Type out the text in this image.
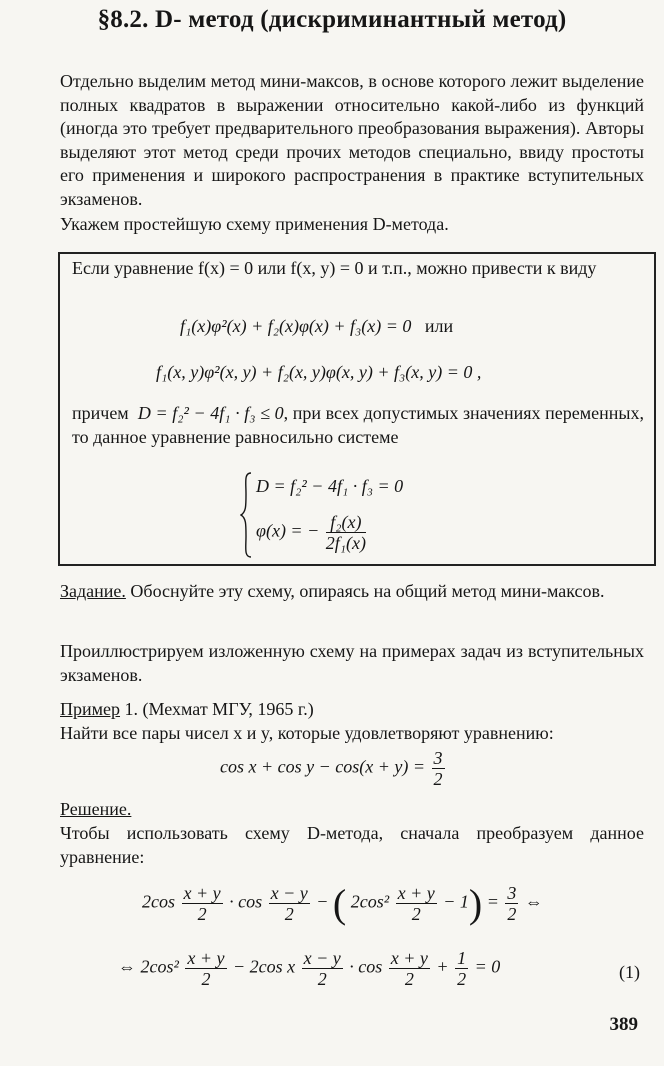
§8.2. D- метод (дискриминантный метод)
Отдельно выделим метод мини-максов, в основе которого лежит выделение полных квадратов в выражении относительно какой-либо из функций (иногда это требует предварительного преобразования выражения). Авторы выделяют этот метод среди прочих методов специально, ввиду простоты его применения и широкого распространения в практике вступительных экзаменов.
Укажем простейшую схему применения D-метода.
Если уравнение f(x) = 0 или f(x, y) = 0 и т.п., можно привести к виду
f₁(x)φ²(x) + f₂(x)φ(x) + f₃(x) = 0 или
f₁(x, y)φ²(x, y) + f₂(x, y)φ(x, y) + f₃(x, y) = 0 ,
причем D = f₂² − 4f₁ · f₃ ≤ 0, при всех допустимых значениях переменных, то данное уравнение равносильно системе
D = f₂² − 4f₁ · f₃ = 0
φ(x) = − $\frac{\text{f₂(x)}}{\text{2f₁(x)}}$
Задание. Обоснуйте эту схему, опираясь на общий метод мини-максов.
Проиллюстрируем изложенную схему на примерах задач из вступительных экзаменов.
Пример 1. (Мехмат МГУ, 1965 г.)
Найти все пары чисел x и y, которые удовлетворяют уравнению:
$\cos x + \cos y - \cos(x + y) = \frac{3}{2}$
Решение.
Чтобы использовать схему D-метода, сначала преобразуем данное уравнение:
$2\cos \frac{x + y}{2} \cdot \cos \frac{x - y}{2}$ − ( $2\cos^2 \frac{x + y}{2} - 1) = \frac{3}{2}$ ⇔
⇔ $2\cos^2 \frac{x + y}{2} - 2\cos$ x $\frac{x - y}{2} \cdot \cos \frac{x + y}{2} + \frac{1}{2} = 0$	(1)
389
